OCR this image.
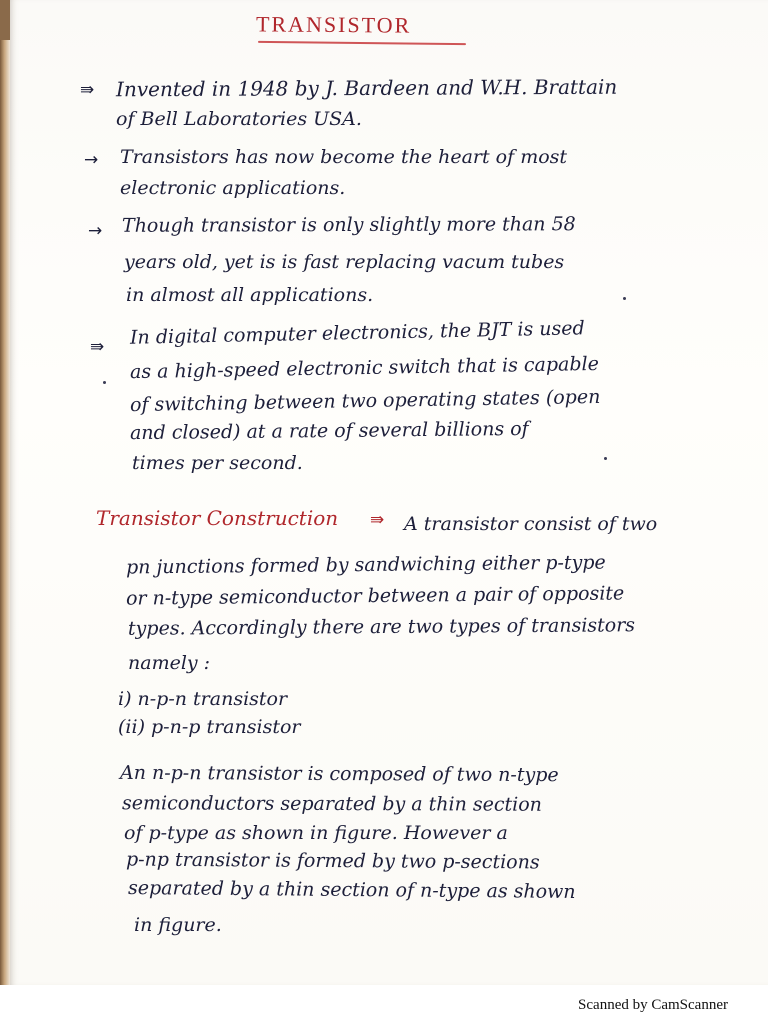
TRANSISTOR
⇛ Invented in 1948 by J. Bardeen and W.H. Brattain
of Bell Laboratories USA.
→ Transistors has now become the heart of most
electronic applications.
→ Though transistor is only slightly more than 58
years old, yet is is fast replacing vacum tubes
in almost all applications.
⇛ In digital computer electronics, the BJT is used
as a high-speed electronic switch that is capable
of switching between two operating states (open
and closed) at a rate of several billions of
times per second.
Transistor Construction ⇛ A transistor consist of two
pn junctions formed by sandwiching either p-type
or n-type semiconductor between a pair of opposite
types. Accordingly there are two types of transistors
namely :
i) n-p-n transistor
(ii) p-n-p transistor
An n-p-n transistor is composed of two n-type
semiconductors separated by a thin section
of p-type as shown in figure. However a
p-np transistor is formed by two p-sections
separated by a thin section of n-type as shown
in figure.
Scanned by CamScanner
